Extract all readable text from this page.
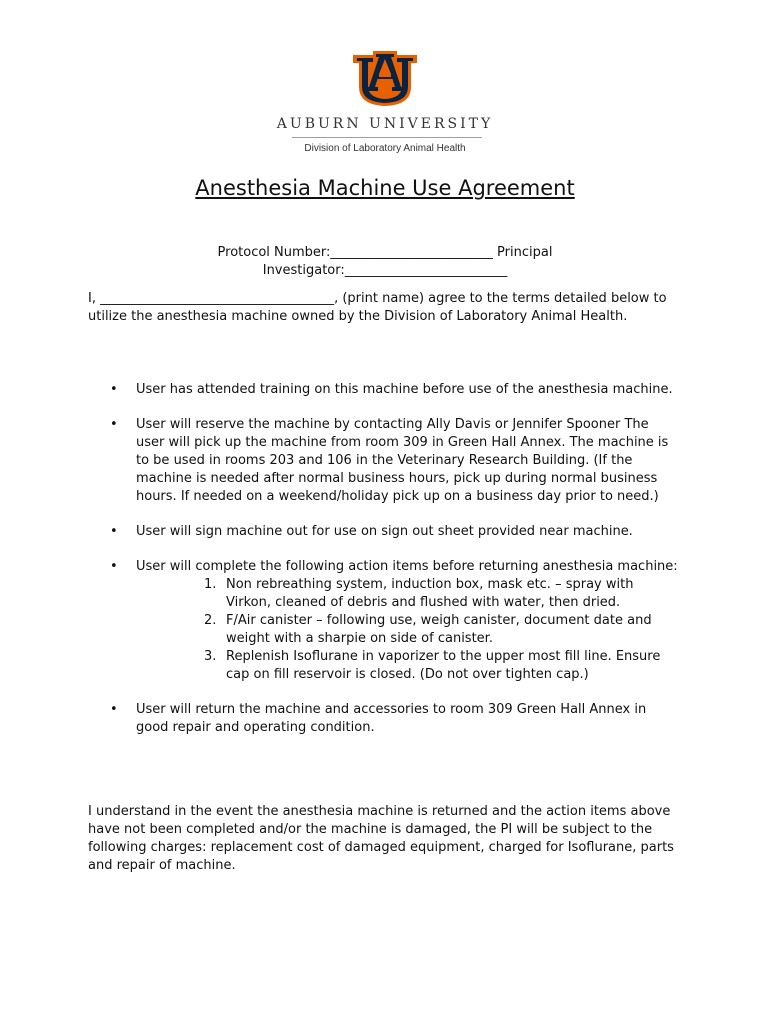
AUBURN UNIVERSITY
Division of Laboratory Animal Health
Anesthesia Machine Use Agreement
Protocol Number:_________________________ Principal
Investigator:_________________________
I, ____________________________________, (print name) agree to the terms detailed below to utilize the anesthesia machine owned by the Division of Laboratory Animal Health.
• User has attended training on this machine before use of the anesthesia machine.
• User will reserve the machine by contacting Ally Davis or Jennifer Spooner The user will pick up the machine from room 309 in Green Hall Annex. The machine is to be used in rooms 203 and 106 in the Veterinary Research Building. (If the machine is needed after normal business hours, pick up during normal business hours. If needed on a weekend/holiday pick up on a business day prior to need.)
• User will sign machine out for use on sign out sheet provided near machine.
• User will complete the following action items before returning anesthesia machine:
1. Non rebreathing system, induction box, mask etc. – spray with Virkon, cleaned of debris and flushed with water, then dried.
2. F/Air canister – following use, weigh canister, document date and weight with a sharpie on side of canister.
3. Replenish Isoflurane in vaporizer to the upper most fill line. Ensure cap on fill reservoir is closed. (Do not over tighten cap.)
• User will return the machine and accessories to room 309 Green Hall Annex in good repair and operating condition.
I understand in the event the anesthesia machine is returned and the action items above have not been completed and/or the machine is damaged, the PI will be subject to the following charges: replacement cost of damaged equipment, charged for Isoflurane, parts and repair of machine.
